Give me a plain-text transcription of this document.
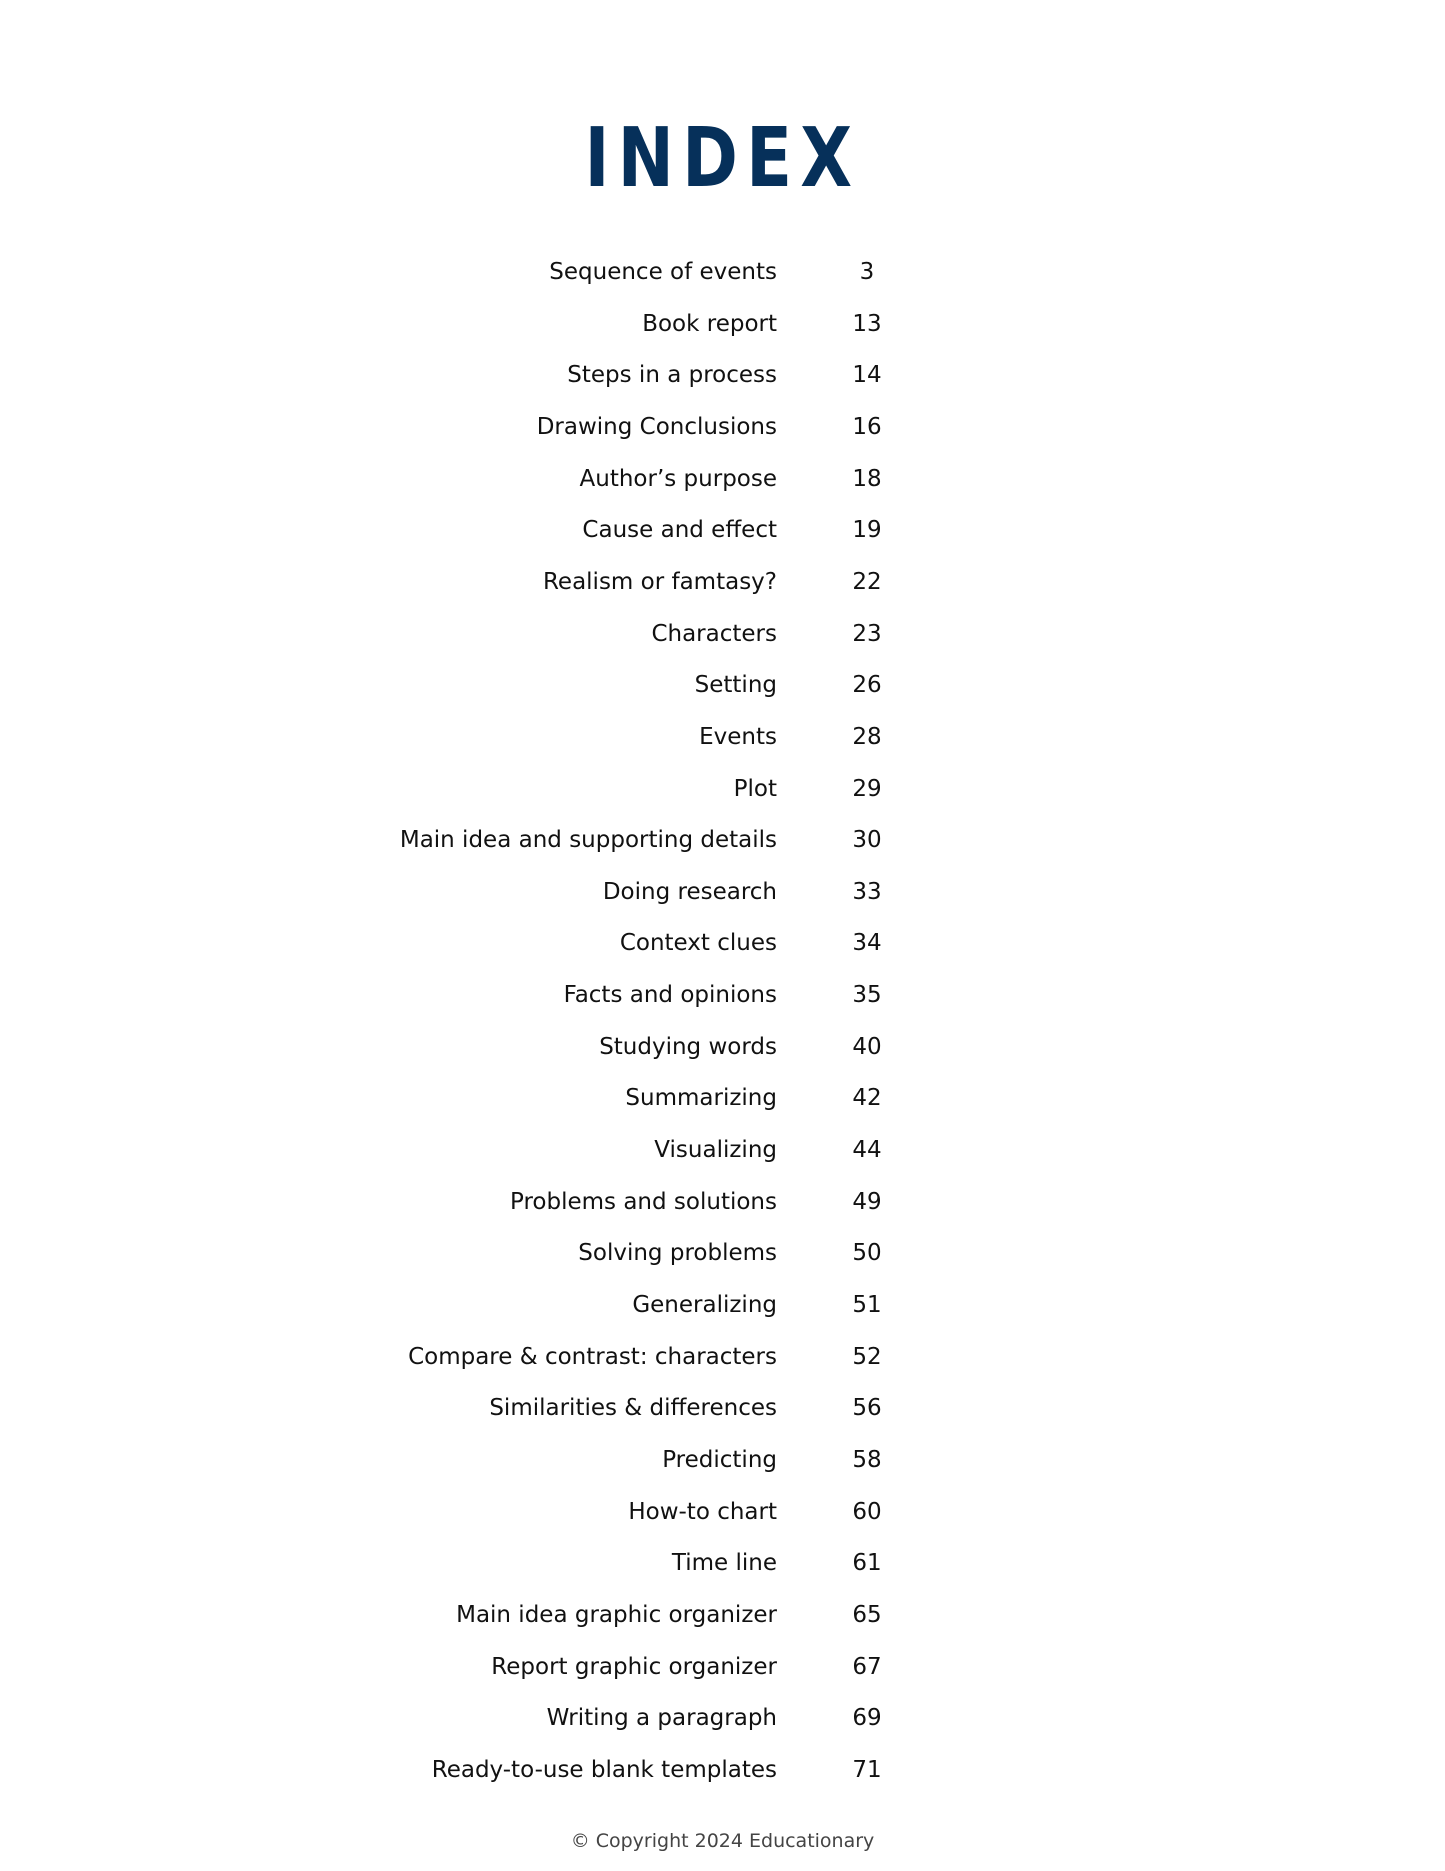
INDEX
Sequence of events	3
Book report	13
Steps in a process	14
Drawing Conclusions	16
Author’s purpose	18
Cause and effect	19
Realism or famtasy?	22
Characters	23
Setting	26
Events	28
Plot	29
Main idea and supporting details	30
Doing research	33
Context clues	34
Facts and opinions	35
Studying words	40
Summarizing	42
Visualizing	44
Problems and solutions	49
Solving problems	50
Generalizing	51
Compare & contrast: characters	52
Similarities & differences	56
Predicting	58
How-to chart	60
Time line	61
Main idea graphic organizer	65
Report graphic organizer	67
Writing a paragraph	69
Ready-to-use blank templates	71
© Copyright 2024 Educationary
